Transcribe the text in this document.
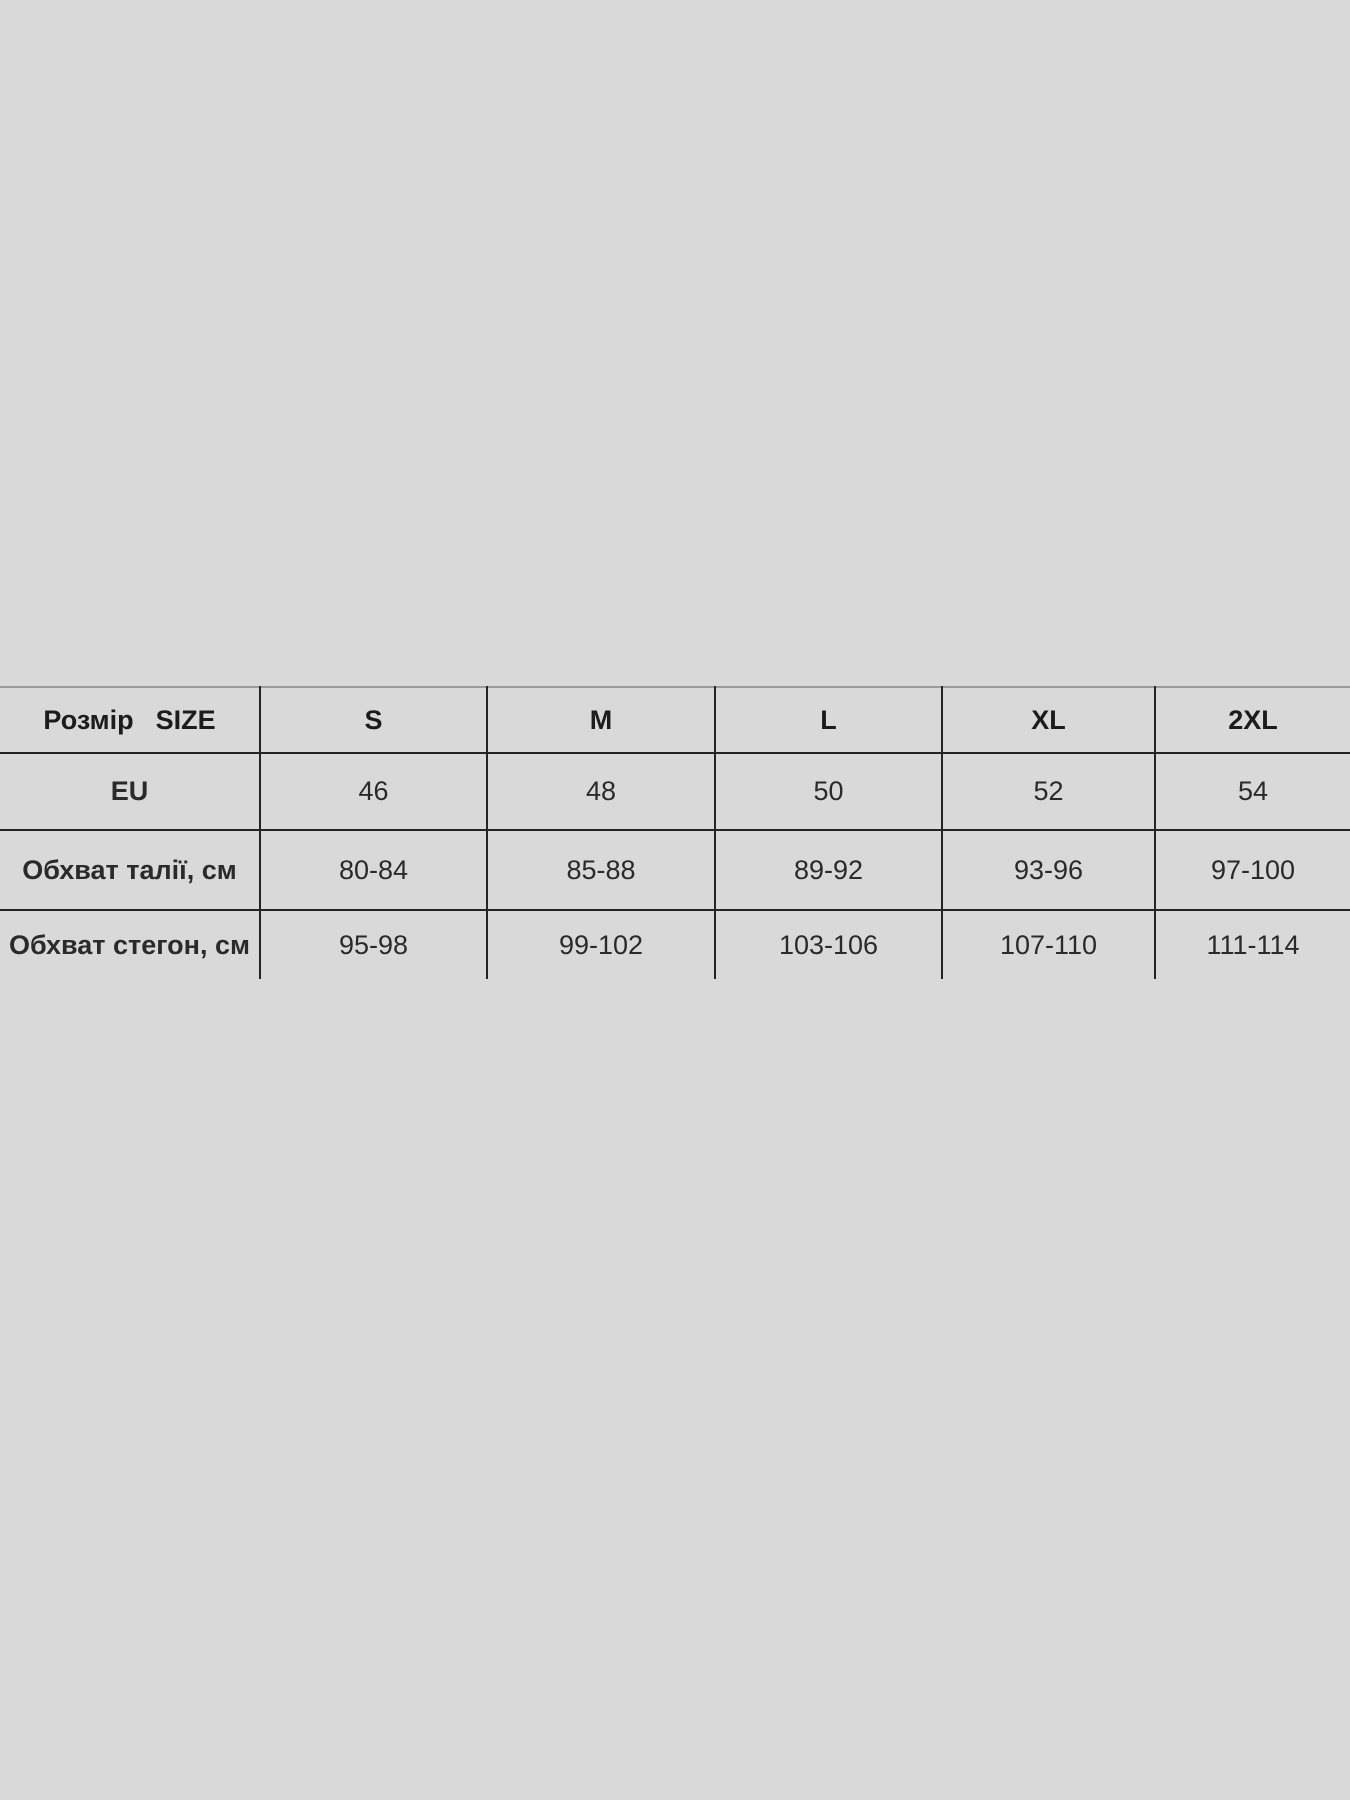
Розмір SIZE	S	M	L	XL	2XL
EU	46	48	50	52	54
Обхват талії, см	80-84	85-88	89-92	93-96	97-100
Обхват стегон, см	95-98	99-102	103-106	107-110	111-114
